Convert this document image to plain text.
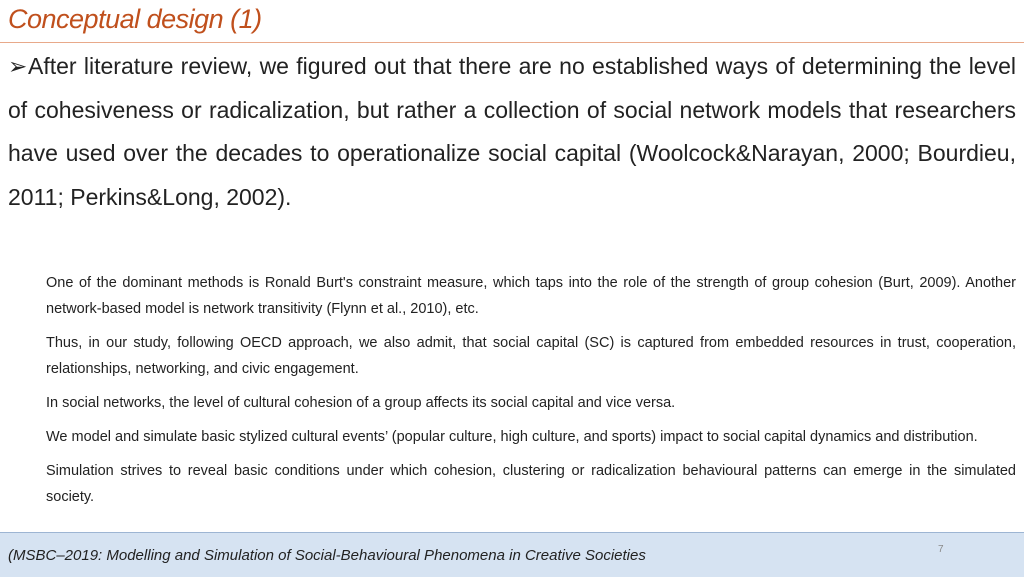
Conceptual design (1)
➢After literature review, we figured out that there are no established ways of determining the level of cohesiveness or radicalization, but rather a collection of social network models that researchers have used over the decades to operationalize social capital (Woolcock&Narayan, 2000; Bourdieu, 2011; Perkins&Long, 2002).

One of the dominant methods is Ronald Burt's constraint measure, which taps into the role of the strength of group cohesion (Burt, 2009). Another network-based model is network transitivity (Flynn et al., 2010), etc.

Thus, in our study, following OECD approach, we also admit, that social capital (SC) is captured from embedded resources in trust, cooperation, relationships, networking, and civic engagement.

In social networks, the level of cultural cohesion of a group affects its social capital and vice versa.

We model and simulate basic stylized cultural events’ (popular culture, high culture, and sports) impact to social capital dynamics and distribution.

Simulation strives to reveal basic conditions under which cohesion, clustering or radicalization behavioural patterns can emerge in the simulated society.

(MSBC–2019: Modelling and Simulation of Social-Behavioural Phenomena in Creative Societies	7
